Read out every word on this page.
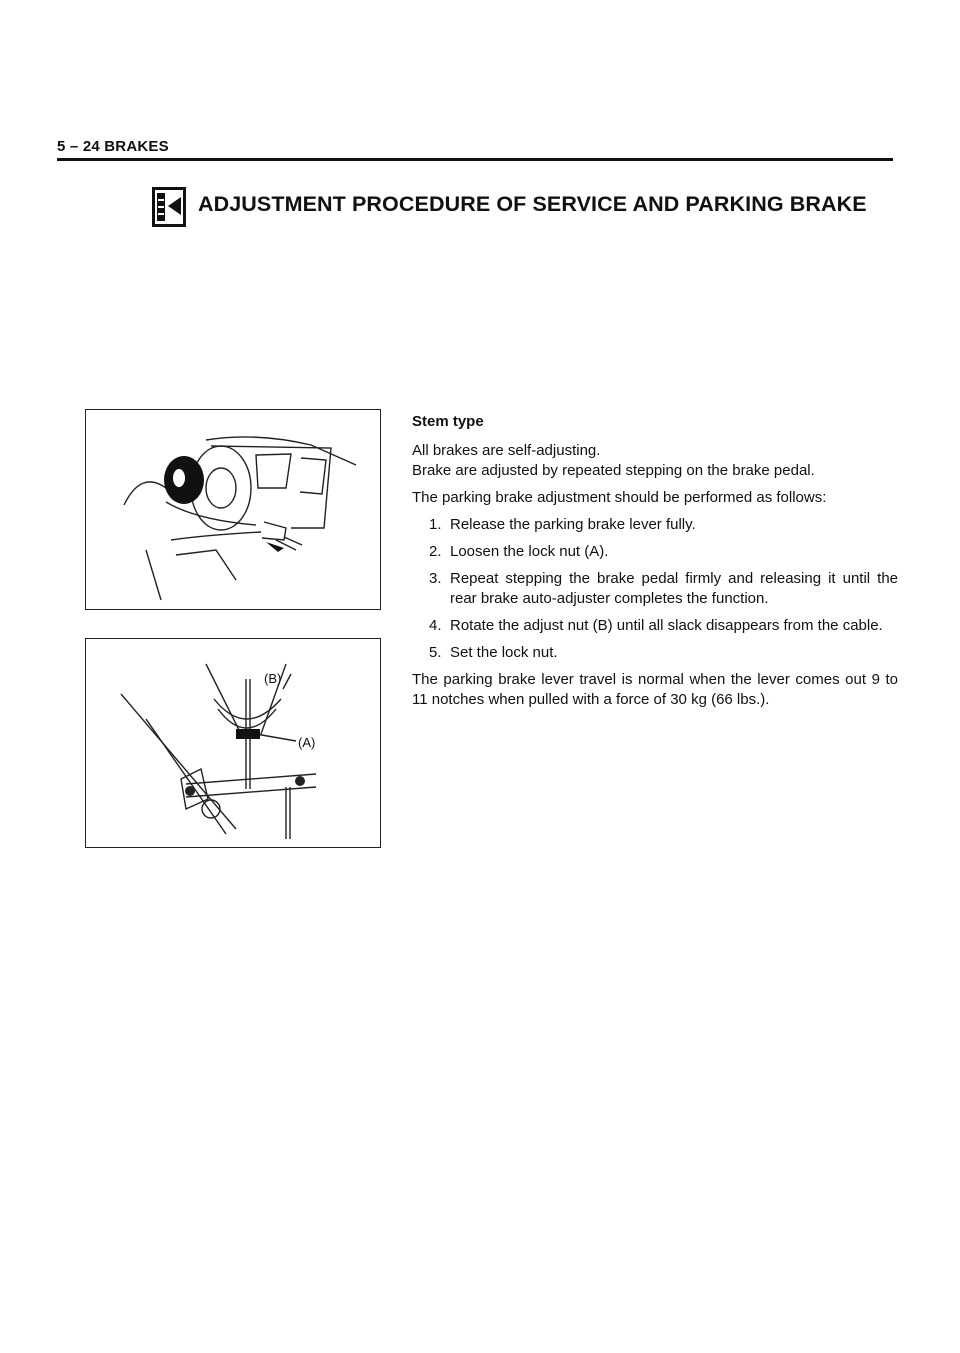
5 – 24 BRAKES
ADJUSTMENT PROCEDURE OF SERVICE AND PARKING BRAKE
(B)
(A)
Stem type

All brakes are self-adjusting.

Brake are adjusted by repeated stepping on the brake pedal.

The parking brake adjustment should be performed as follows:

1. Release the parking brake lever fully.
2. Loosen the lock nut (A).
3. Repeat stepping the brake pedal firmly and releasing it until the rear brake auto-adjuster completes the function.
4. Rotate the adjust nut (B) until all slack disappears from the cable.
5. Set the lock nut.

The parking brake lever travel is normal when the lever comes out 9 to 11 notches when pulled with a force of 30 kg (66 lbs.).
